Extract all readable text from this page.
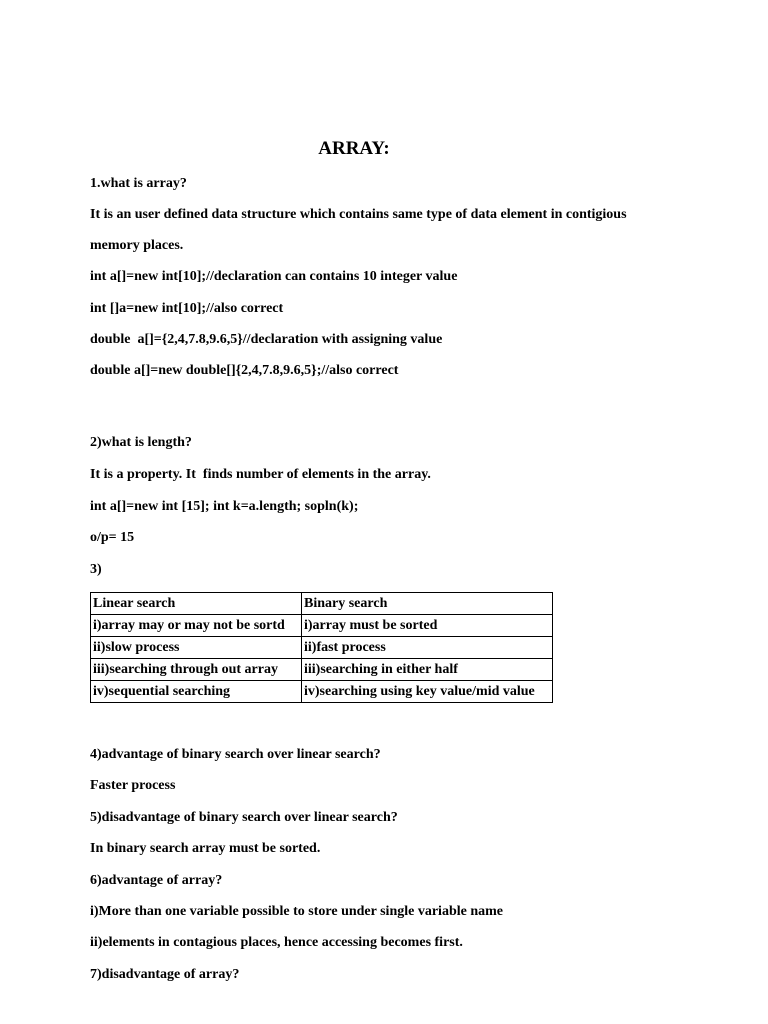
ARRAY:

1.what is array?

It is an user defined data structure which contains same type of data element in contigious

memory places.

int a[]=new int[10];//declaration can contains 10 integer value

int []a=new int[10];//also correct

double  a[]={2,4,7.8,9.6,5}//declaration with assigning value

double a[]=new double[]{2,4,7.8,9.6,5};//also correct

2)what is length?

It is a property. It  finds number of elements in the array.

int a[]=new int [15]; int k=a.length; sopln(k);

o/p= 15

3)

Linear search	Binary search
i)array may or may not be sortd	i)array must be sorted
ii)slow process	ii)fast process
iii)searching through out array	iii)searching in either half
iv)sequential searching	iv)searching using key value/mid value

4)advantage of binary search over linear search?

Faster process

5)disadvantage of binary search over linear search?

In binary search array must be sorted.

6)advantage of array?

i)More than one variable possible to store under single variable name

ii)elements in contagious places, hence accessing becomes first.

7)disadvantage of array?
